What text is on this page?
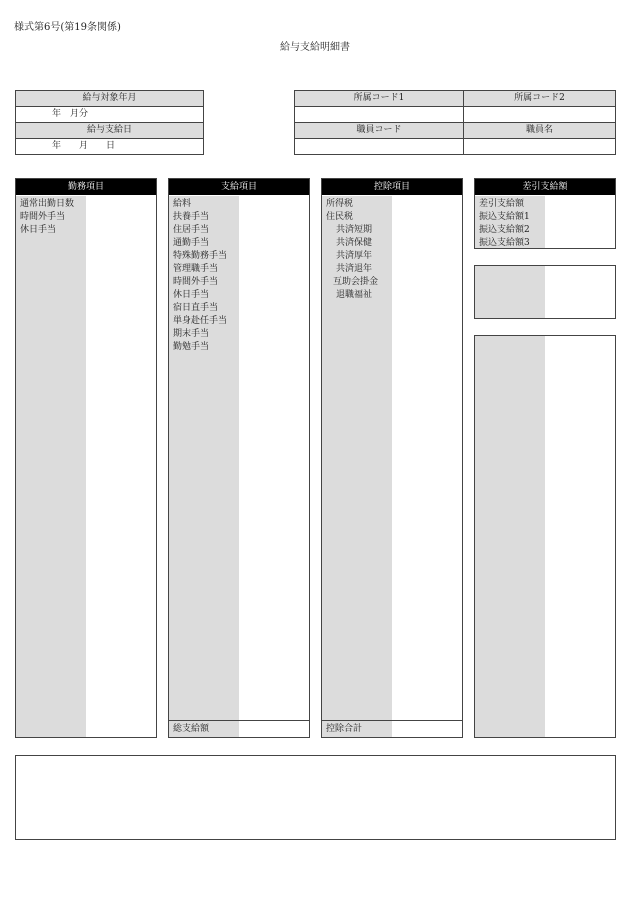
様式第6号(第19条関係)
給与支給明細書
給与対象年月
年　月分
給与支給日
年　　月　　日
所属コード1	所属コード2

職員コード	職員名

勤務項目
通常出勤日数
時間外手当
休日手当
支給項目
給料
扶養手当
住居手当
通勤手当
特殊勤務手当
管理職手当
時間外手当
休日手当
宿日直手当
単身赴任手当
期末手当
勤勉手当
総支給額
控除項目
所得税
住民税
共済短期
共済保健
共済厚年
共済退年
互助会掛金
退職福祉
控除合計
差引支給額
差引支給額
振込支給額1
振込支給額2
振込支給額3
